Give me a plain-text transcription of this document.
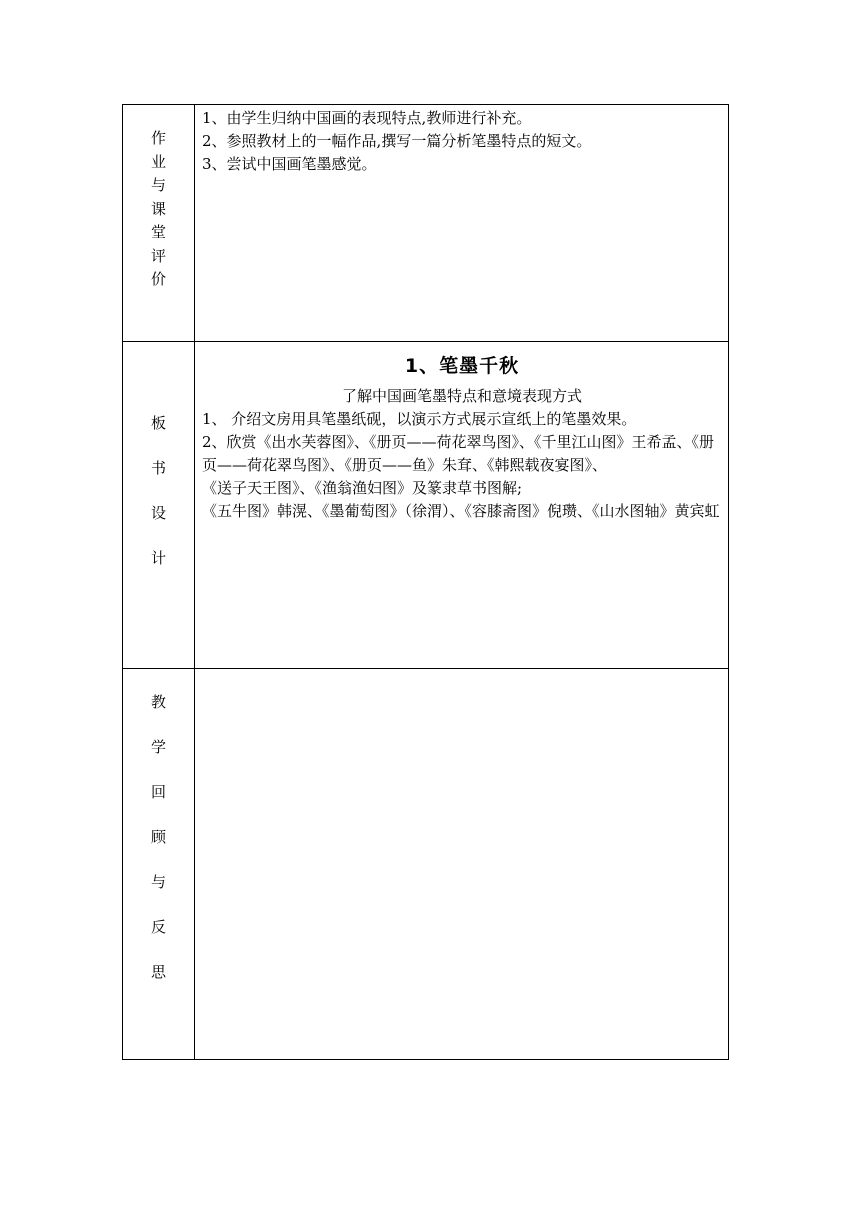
作
业
与
课
堂
评
价
1、由学生归纳中国画的表现特点,教师进行补充。
2、参照教材上的一幅作品,撰写一篇分析笔墨特点的短文。
3、尝试中国画笔墨感觉。
板
书
设
计
1、笔墨千秋
了解中国画笔墨特点和意境表现方式
1、 介绍文房用具笔墨纸砚，以演示方式展示宣纸上的笔墨效果。
2、欣赏《出水芙蓉图》、《册页——荷花翠鸟图》、《千里江山图》王希孟、《册页——荷花翠鸟图》、《册页——鱼》朱耷、《韩熙载夜宴图》、
《送子天王图》、《渔翁渔妇图》及篆隶草书图解;
《五牛图》韩滉、《墨葡萄图》（徐渭）、《容膝斋图》倪瓒、《山水图轴》黄宾虹
教
学
回
顾
与
反
思
